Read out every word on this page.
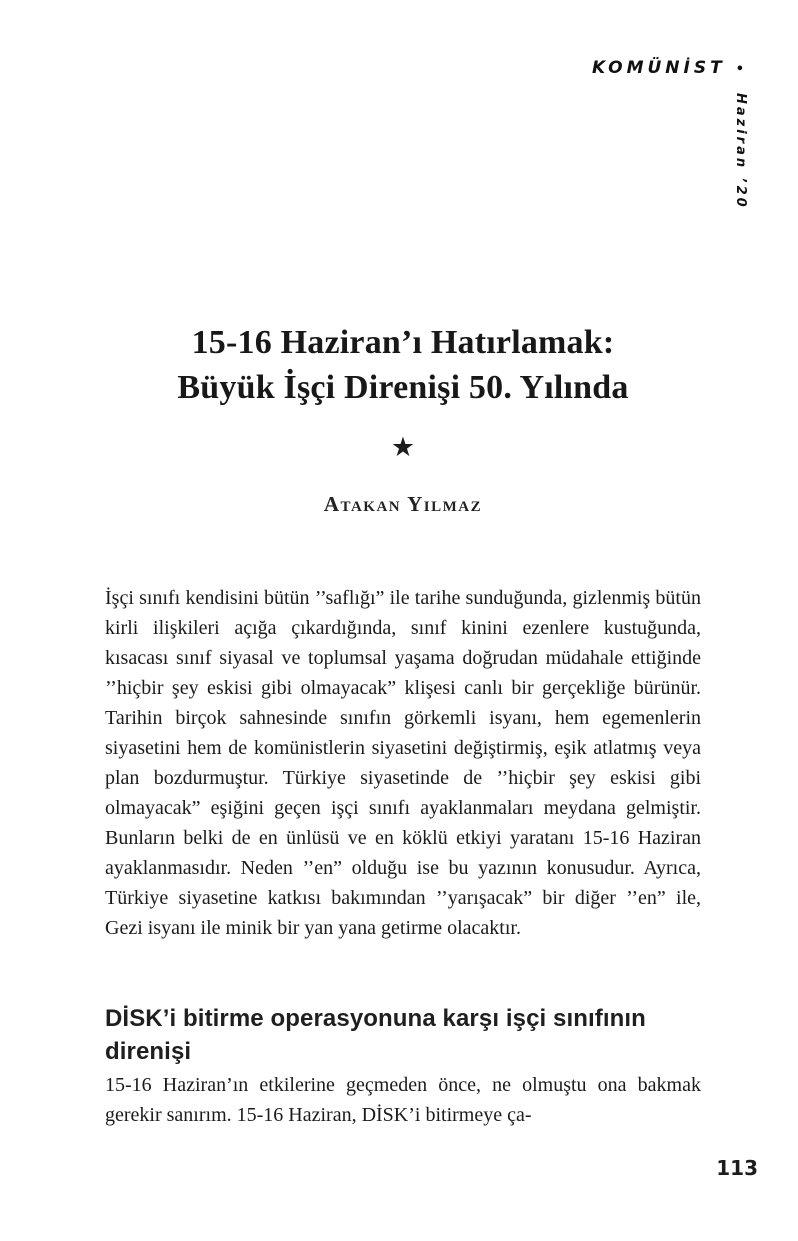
KOMÜNİST •
Haziran ’20
15-16 Haziran’ı Hatırlamak:
Büyük İşçi Direnişi 50. Yılında
★
Atakan Yılmaz

İşçi sınıfı kendisini bütün ’’saflığı” ile tarihe sunduğunda, gizlenmiş bütün kirli ilişkileri açığa çıkardığında, sınıf kinini ezenlere kustuğunda, kısacası sınıf siyasal ve toplumsal yaşama doğrudan müdahale ettiğinde ’’hiçbir şey eskisi gibi olmayacak” klişesi canlı bir gerçekliğe bürünür. Tarihin birçok sahnesinde sınıfın görkemli isyanı, hem egemenlerin siyasetini hem de komünistlerin siyasetini değiştirmiş, eşik atlatmış veya plan bozdurmuştur. Türkiye siyasetinde de ’’hiçbir şey eskisi gibi olmayacak” eşiğini geçen işçi sınıfı ayaklanmaları meydana gelmiştir. Bunların belki de en ünlüsü ve en köklü etkiyi yaratanı 15-16 Haziran ayaklanmasıdır. Neden ’’en” olduğu ise bu yazının konusudur. Ayrıca, Türkiye siyasetine katkısı bakımından ’’yarışacak” bir diğer ’’en” ile, Gezi isyanı ile minik bir yan yana getirme olacaktır.

DİSK’i bitirme operasyonuna karşı işçi sınıfının direnişi

15-16 Haziran’ın etkilerine geçmeden önce, ne olmuştu ona bakmak gerekir sanırım. 15-16 Haziran, DİSK’i bitirmeye ça-

113
